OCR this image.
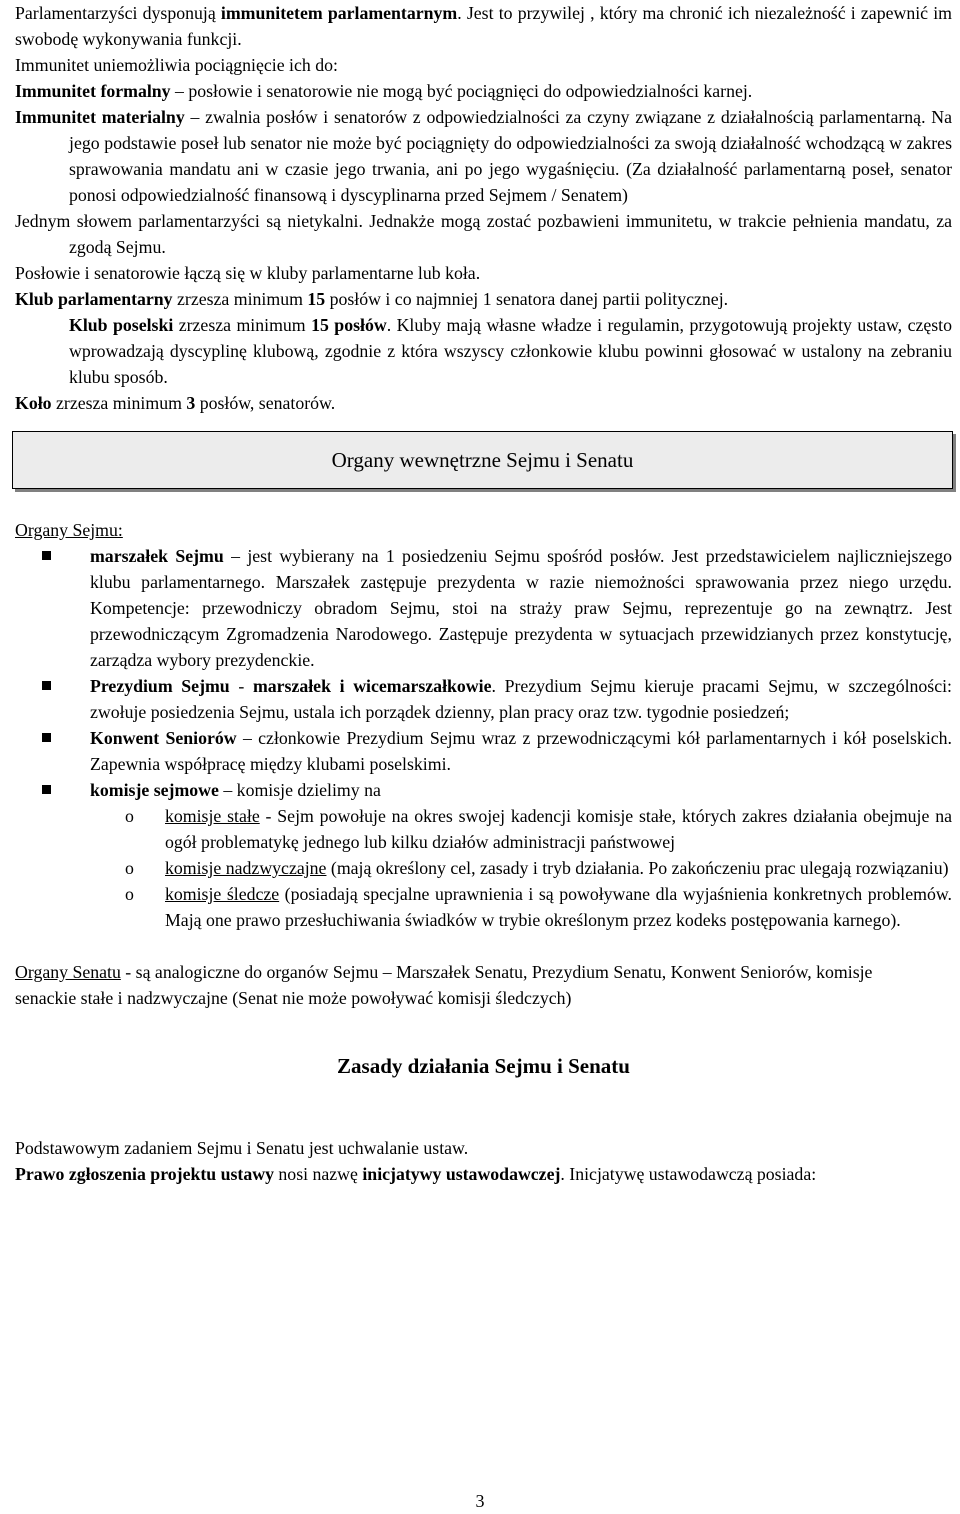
Parlamentarzyści dysponują immunitetem parlamentarnym. Jest to przywilej , który ma chronić ich niezależność i zapewnić im swobodę wykonywania funkcji.

Immunitet uniemożliwia pociągnięcie ich do:

Immunitet formalny – posłowie i senatorowie nie mogą być pociągnięci do odpowiedzialności karnej.

Immunitet materialny – zwalnia posłów i senatorów z odpowiedzialności za czyny związane z działalnością parlamentarną. Na jego podstawie poseł lub senator nie może być pociągnięty do odpowiedzialności za swoją działalność wchodzącą w zakres sprawowania mandatu ani w czasie jego trwania, ani po jego wygaśnięciu. (Za działalność parlamentarną poseł, senator ponosi odpowiedzialność finansową i dyscyplinarna przed Sejmem / Senatem)

Jednym słowem parlamentarzyści są nietykalni. Jednakże mogą zostać pozbawieni immunitetu, w trakcie pełnienia mandatu, za zgodą Sejmu.

Posłowie i senatorowie łączą się w kluby parlamentarne lub koła.

Klub parlamentarny zrzesza minimum 15 posłów i co najmniej 1 senatora danej partii politycznej.

Klub poselski zrzesza minimum 15 posłów. Kluby mają własne władze i regulamin, przygotowują projekty ustaw, często wprowadzają dyscyplinę klubową, zgodnie z która wszyscy członkowie klubu powinni głosować w ustalony na zebraniu klubu sposób.

Koło zrzesza minimum 3 posłów, senatorów.

Organy wewnętrzne Sejmu i Senatu

Organy Sejmu:

marszałek Sejmu – jest wybierany na 1 posiedzeniu Sejmu spośród posłów. Jest przedstawicielem najliczniejszego klubu parlamentarnego. Marszałek zastępuje prezydenta w razie niemożności sprawowania przez niego urzędu. Kompetencje: przewodniczy obradom Sejmu, stoi na straży praw Sejmu, reprezentuje go na zewnątrz. Jest przewodniczącym Zgromadzenia Narodowego. Zastępuje prezydenta w sytuacjach przewidzianych przez konstytucję, zarządza wybory prezydenckie.
Prezydium Sejmu - marszałek i wicemarszałkowie. Prezydium Sejmu kieruje pracami Sejmu, w szczególności: zwołuje posiedzenia Sejmu, ustala ich porządek dzienny, plan pracy oraz tzw. tygodnie posiedzeń;
Konwent Seniorów – członkowie Prezydium Sejmu wraz z przewodniczącymi kół parlamentarnych i kół poselskich. Zapewnia współpracę między klubami poselskimi.
komisje sejmowe – komisje dzielimy na
o komisje stałe - Sejm powołuje na okres swojej kadencji komisje stałe, których zakres działania obejmuje na ogół problematykę jednego lub kilku działów administracji państwowej
o komisje nadzwyczajne (mają określony cel, zasady i tryb działania. Po zakończeniu prac ulegają rozwiązaniu)
o komisje śledcze (posiadają specjalne uprawnienia i są powoływane dla wyjaśnienia konkretnych problemów. Mają one prawo przesłuchiwania świadków w trybie określonym przez kodeks postępowania karnego).

Organy Senatu - są analogiczne do organów Sejmu – Marszałek Senatu, Prezydium Senatu, Konwent Seniorów, komisje senackie stałe i nadzwyczajne (Senat nie może powoływać komisji śledczych)

Zasady działania Sejmu i Senatu

Podstawowym zadaniem Sejmu i Senatu jest uchwalanie ustaw.

Prawo zgłoszenia projektu ustawy nosi nazwę inicjatywy ustawodawczej. Inicjatywę ustawodawczą posiada:

3
